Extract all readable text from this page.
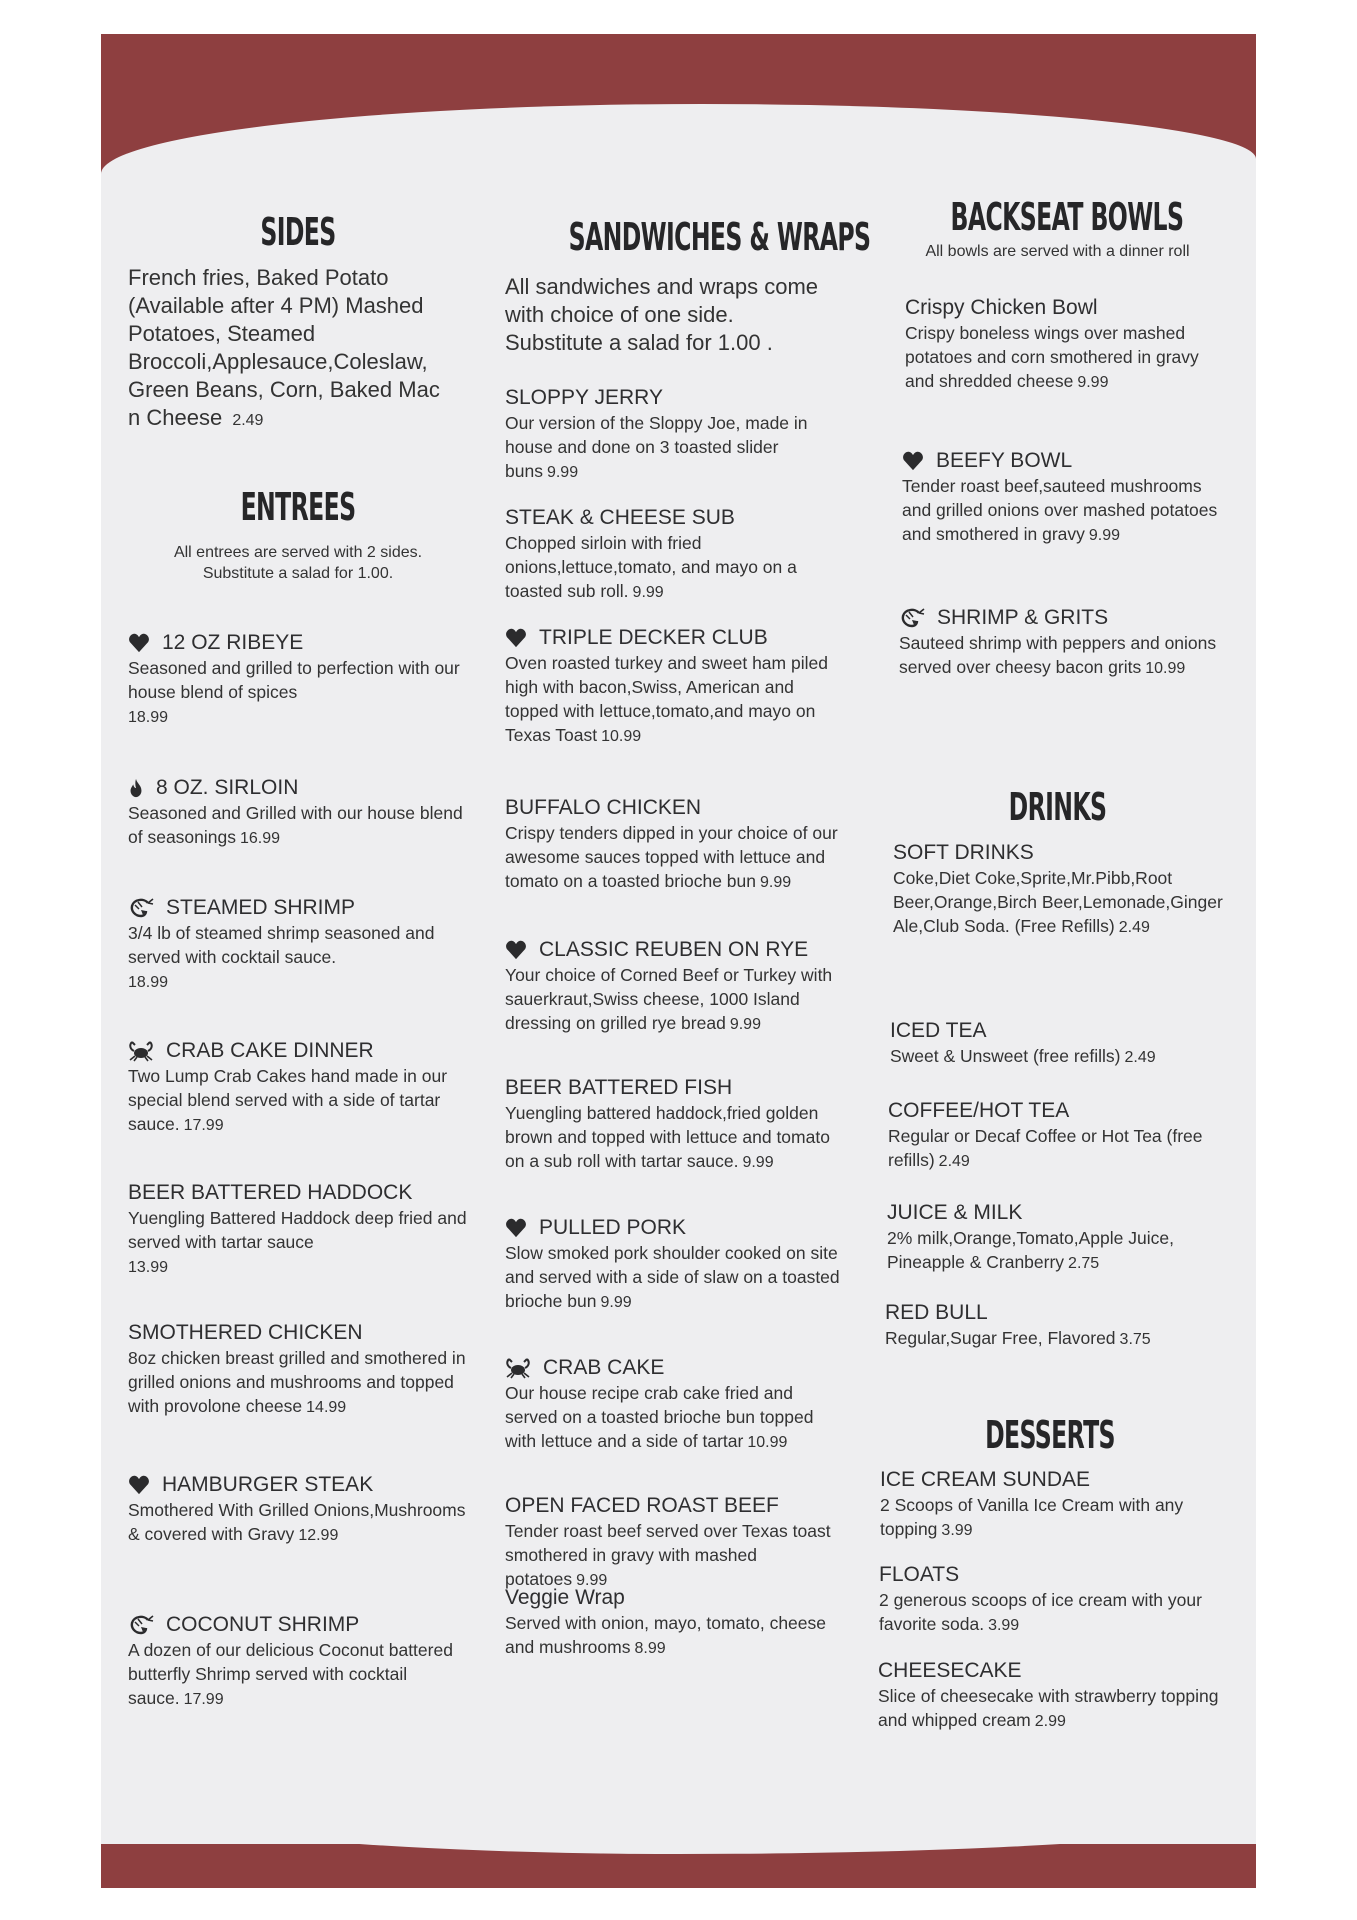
SIDES
French fries, Baked Potato (Available after 4 PM) Mashed Potatoes, Steamed Broccoli,Applesauce,Coleslaw, Green Beans, Corn, Baked Mac n Cheese 2.49
ENTREES
All entrees are served with 2 sides.
Substitute a salad for 1.00.
12 OZ RIBEYE
Seasoned and grilled to perfection with our house blend of spices
18.99
8 OZ. SIRLOIN
Seasoned and Grilled with our house blend of seasonings 16.99
STEAMED SHRIMP
3/4 lb of steamed shrimp seasoned and served with cocktail sauce.
18.99
CRAB CAKE DINNER
Two Lump Crab Cakes hand made in our special blend served with a side of tartar sauce. 17.99
BEER BATTERED HADDOCK
Yuengling Battered Haddock deep fried and served with tartar sauce
13.99
SMOTHERED CHICKEN
8oz chicken breast grilled and smothered in grilled onions and mushrooms and topped with provolone cheese 14.99
HAMBURGER STEAK
Smothered With Grilled Onions,Mushrooms & covered with Gravy 12.99
COCONUT SHRIMP
A dozen of our delicious Coconut battered butterfly Shrimp served with cocktail sauce. 17.99
SANDWICHES & WRAPS
All sandwiches and wraps come with choice of one side. Substitute a salad for 1.00 .
SLOPPY JERRY
Our version of the Sloppy Joe, made in house and done on 3 toasted slider buns 9.99
STEAK & CHEESE SUB
Chopped sirloin with fried onions,lettuce,tomato, and mayo on a toasted sub roll. 9.99
TRIPLE DECKER CLUB
Oven roasted turkey and sweet ham piled high with bacon,Swiss, American and topped with lettuce,tomato,and mayo on Texas Toast 10.99
BUFFALO CHICKEN
Crispy tenders dipped in your choice of our awesome sauces topped with lettuce and tomato on a toasted brioche bun 9.99
CLASSIC REUBEN ON RYE
Your choice of Corned Beef or Turkey with sauerkraut,Swiss cheese, 1000 Island dressing on grilled rye bread 9.99
BEER BATTERED FISH
Yuengling battered haddock,fried golden brown and topped with lettuce and tomato on a sub roll with tartar sauce. 9.99
PULLED PORK
Slow smoked pork shoulder cooked on site and served with a side of slaw on a toasted brioche bun 9.99
CRAB CAKE
Our house recipe crab cake fried and served on a toasted brioche bun topped with lettuce and a side of tartar 10.99
OPEN FACED ROAST BEEF
Tender roast beef served over Texas toast smothered in gravy with mashed potatoes 9.99
Veggie Wrap
Served with onion, mayo, tomato, cheese and mushrooms 8.99
BACKSEAT BOWLS
All bowls are served with a dinner roll
Crispy Chicken Bowl
Crispy boneless wings over mashed potatoes and corn smothered in gravy and shredded cheese 9.99
BEEFY BOWL
Tender roast beef,sauteed mushrooms and grilled onions over mashed potatoes and smothered in gravy 9.99
SHRIMP & GRITS
Sauteed shrimp with peppers and onions served over cheesy bacon grits 10.99
DRINKS
SOFT DRINKS
Coke,Diet Coke,Sprite,Mr.Pibb,Root Beer,Orange,Birch Beer,Lemonade,Ginger Ale,Club Soda. (Free Refills) 2.49
ICED TEA
Sweet & Unsweet (free refills) 2.49
COFFEE/HOT TEA
Regular or Decaf Coffee or Hot Tea (free refills) 2.49
JUICE & MILK
2% milk,Orange,Tomato,Apple Juice, Pineapple & Cranberry 2.75
RED BULL
Regular,Sugar Free, Flavored 3.75
DESSERTS
ICE CREAM SUNDAE
2 Scoops of Vanilla Ice Cream with any topping 3.99
FLOATS
2 generous scoops of ice cream with your favorite soda. 3.99
CHEESECAKE
Slice of cheesecake with strawberry topping and whipped cream 2.99
